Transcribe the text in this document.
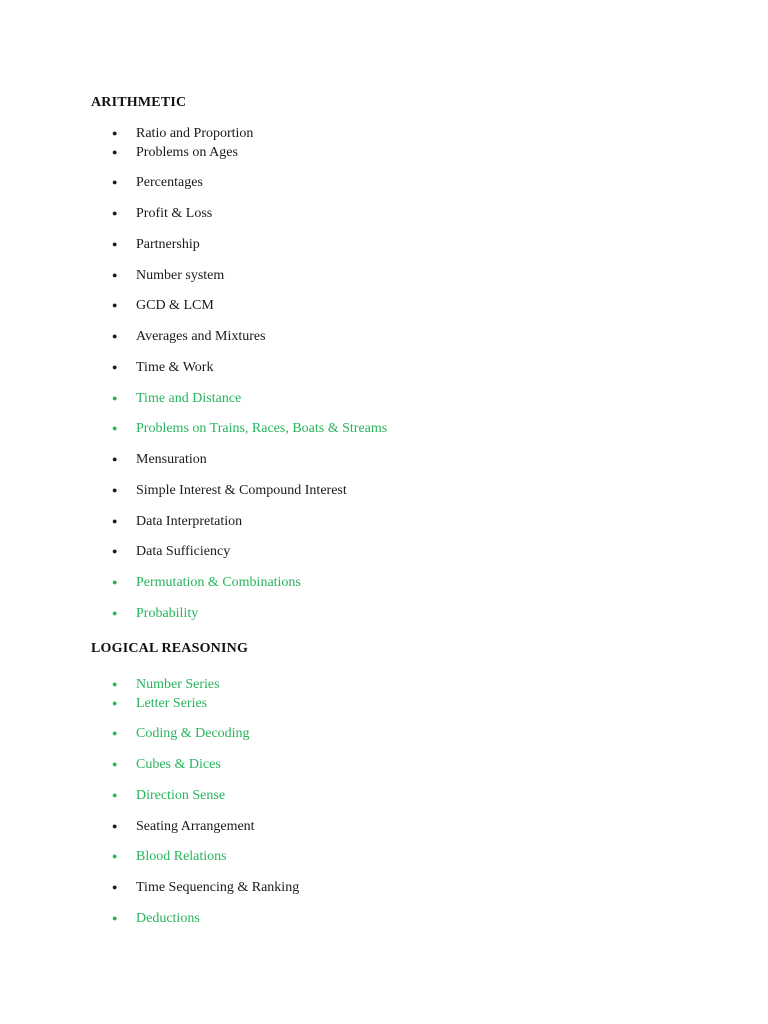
ARITHMETIC
● Ratio and Proportion
● Problems on Ages
● Percentages
● Profit & Loss
● Partnership
● Number system
● GCD & LCM
● Averages and Mixtures
● Time & Work
● Time and Distance
● Problems on Trains, Races, Boats & Streams
● Mensuration
● Simple Interest & Compound Interest
● Data Interpretation
● Data Sufficiency
● Permutation & Combinations
● Probability
LOGICAL REASONING
● Number Series
● Letter Series
● Coding & Decoding
● Cubes & Dices
● Direction Sense
● Seating Arrangement
● Blood Relations
● Time Sequencing & Ranking
● Deductions
